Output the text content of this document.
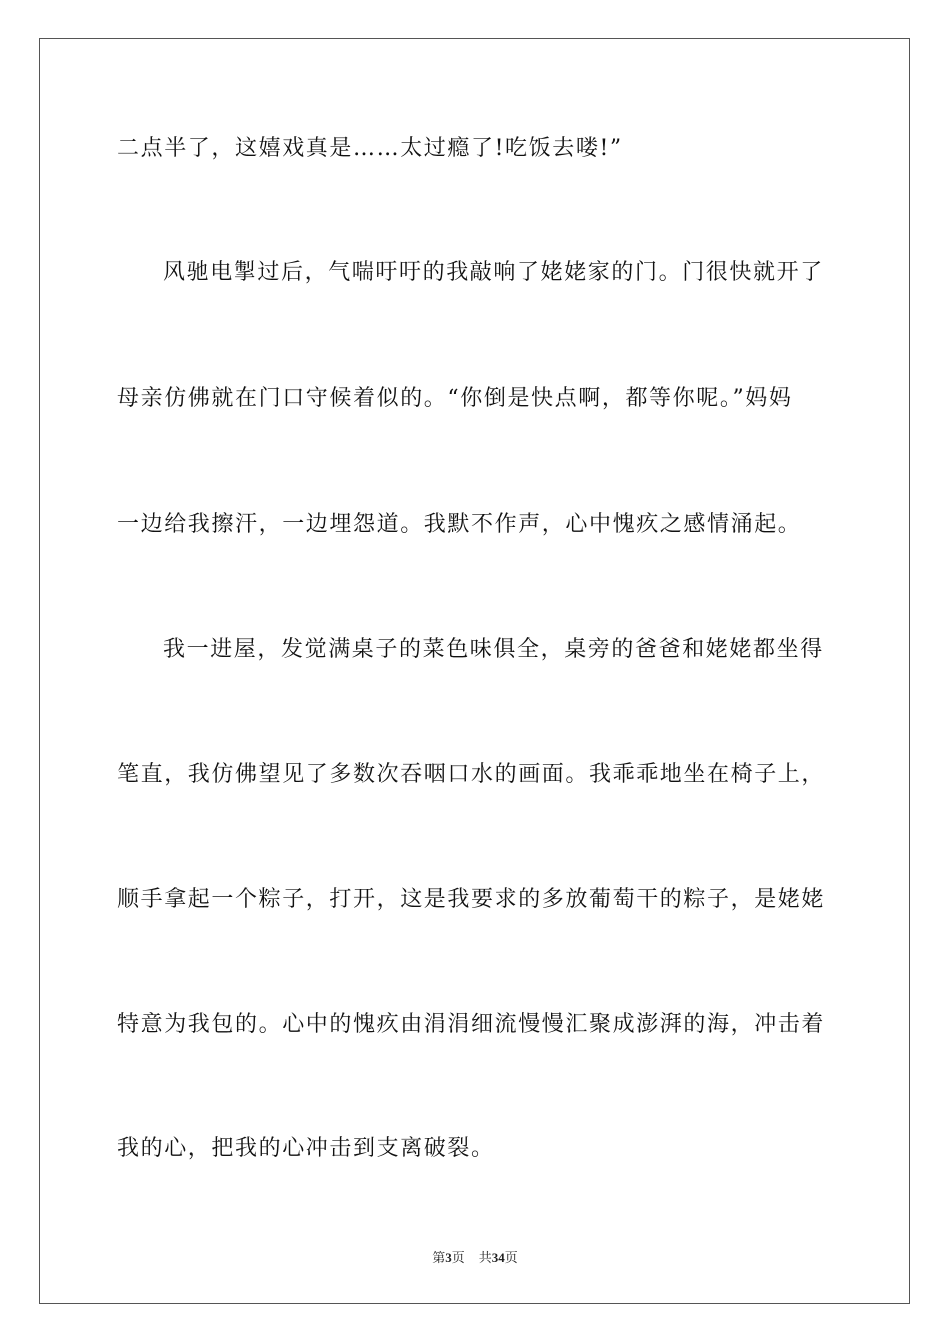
二点半了，这嬉戏真是……太过瘾了!吃饭去喽!”
风驰电掣过后，气喘吁吁的我敲响了姥姥家的门。门很快就开了
母亲仿佛就在门口守候着似的。“你倒是快点啊，都等你呢。”妈妈
一边给我擦汗，一边埋怨道。我默不作声，心中愧疚之感情涌起。
我一进屋，发觉满桌子的菜色味俱全，桌旁的爸爸和姥姥都坐得
笔直，我仿佛望见了多数次吞咽口水的画面。我乖乖地坐在椅子上，
顺手拿起一个粽子，打开，这是我要求的多放葡萄干的粽子，是姥姥
特意为我包的。心中的愧疚由涓涓细流慢慢汇聚成澎湃的海，冲击着
我的心，把我的心冲击到支离破裂。
第3页 共34页
